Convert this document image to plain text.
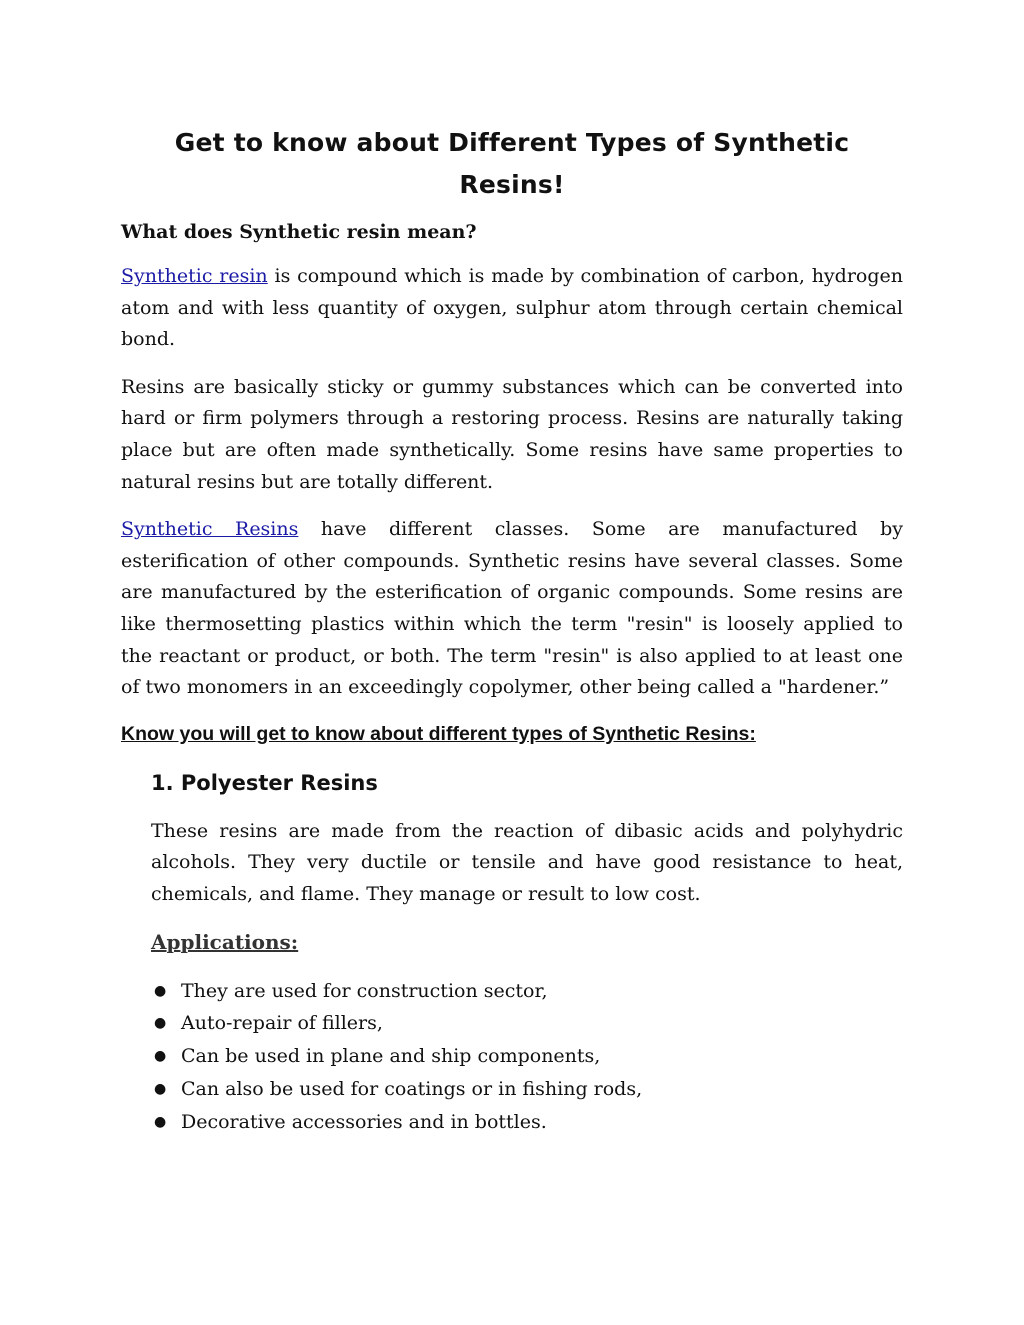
Get to know about Different Types of Synthetic Resins!
What does Synthetic resin mean?

Synthetic resin is compound which is made by combination of carbon, hydrogen atom and with less quantity of oxygen, sulphur atom through certain chemical bond.

Resins are basically sticky or gummy substances which can be converted into hard or firm polymers through a restoring process. Resins are naturally taking place but are often made synthetically. Some resins have same properties to natural resins but are totally different.

Synthetic Resins have different classes. Some are manufactured by esterification of other compounds. Synthetic resins have several classes. Some are manufactured by the esterification of organic compounds. Some resins are like thermosetting plastics within which the term "resin" is loosely applied to the reactant or product, or both. The term "resin" is also applied to at least one of two monomers in an exceedingly copolymer, other being called a "hardener.”

Know you will get to know about different types of Synthetic Resins:
1. Polyester Resins

These resins are made from the reaction of dibasic acids and polyhydric alcohols. They very ductile or tensile and have good resistance to heat, chemicals, and flame. They manage or result to low cost.

Applications:
● They are used for construction sector,
● Auto-repair of fillers,
● Can be used in plane and ship components,
● Can also be used for coatings or in fishing rods,
● Decorative accessories and in bottles.
